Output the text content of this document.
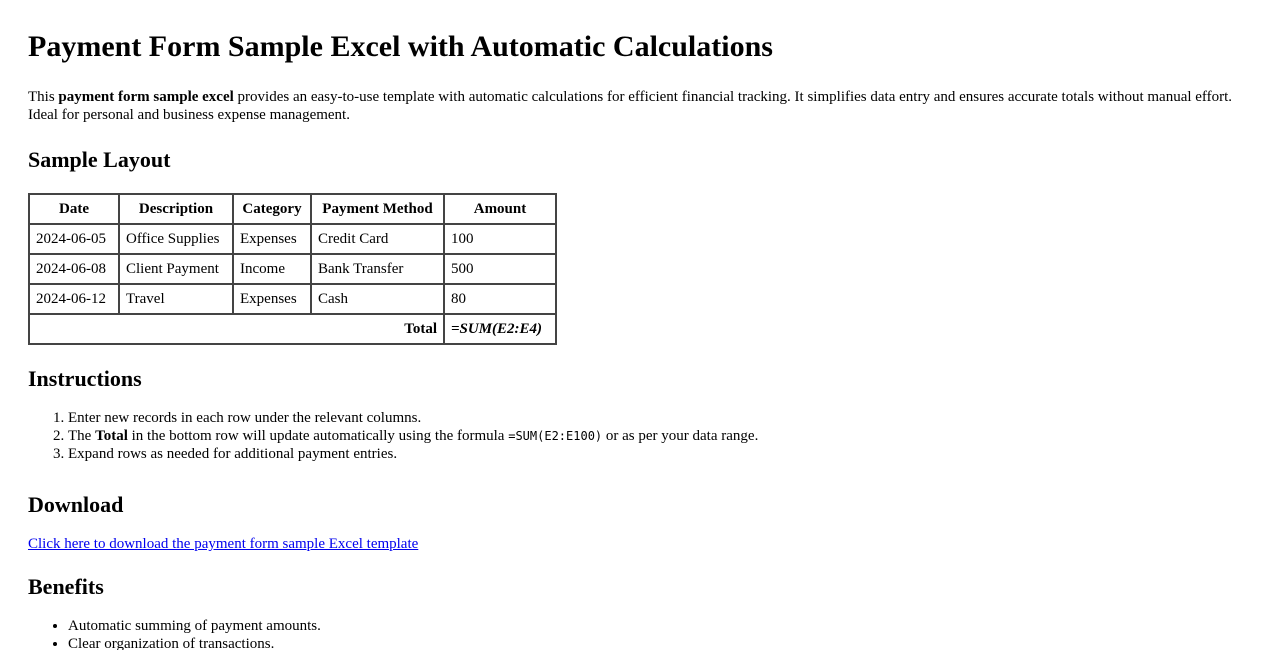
Payment Form Sample Excel with Automatic Calculations

This payment form sample excel provides an easy-to-use template with automatic calculations for efficient financial tracking. It simplifies data entry and ensures accurate totals without manual effort. Ideal for personal and business expense management.

Sample Layout
Date	Description	Category	Payment Method	Amount
2024-06-05	Office Supplies	Expenses	Credit Card	100
2024-06-08	Client Payment	Income	Bank Transfer	500
2024-06-12	Travel	Expenses	Cash	80
Total				=SUM(E2:E4)
Instructions
1. Enter new records in each row under the relevant columns.
2. The Total in the bottom row will update automatically using the formula =SUM(E2:E100) or as per your data range.
3. Expand rows as needed for additional payment entries.
Download

Click here to download the payment form sample Excel template

Benefits
• Automatic summing of payment amounts.
• Clear organization of transactions.
